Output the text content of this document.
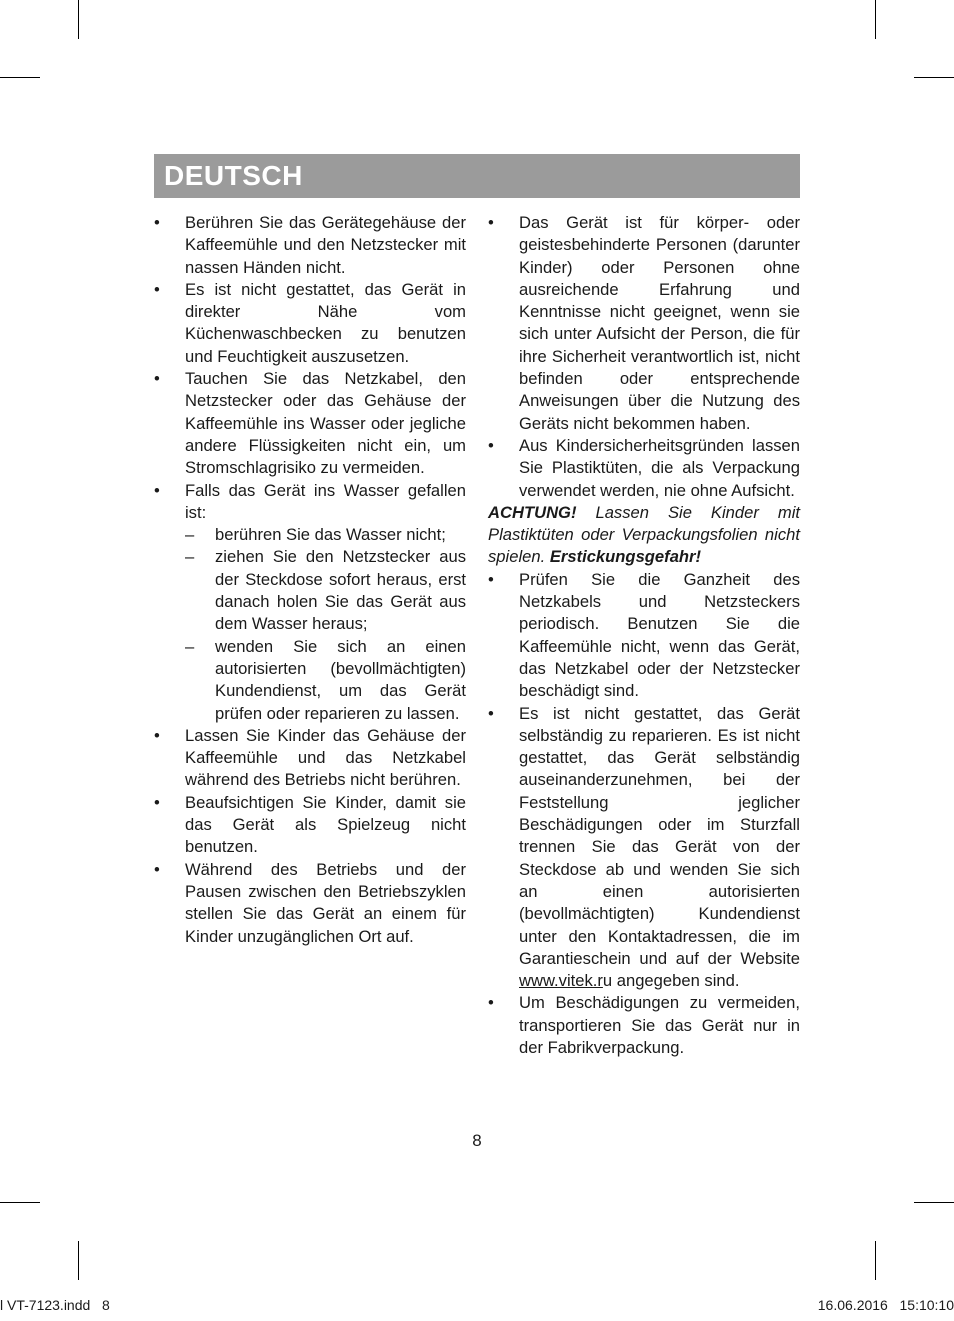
DEUTSCH
• Berühren Sie das Gerätegehäuse der Kaffeemühle und den Netzstecker mit nassen Händen nicht.
• Es ist nicht gestattet, das Gerät in direkter Nähe vom Küchenwaschbecken zu benutzen und Feuchtigkeit auszusetzen.
• Tauchen Sie das Netzkabel, den Netzstecker oder das Gehäuse der Kaffeemühle ins Wasser oder jegliche andere Flüssigkeiten nicht ein, um Stromschlagrisiko zu vermeiden.
• Falls das Gerät ins Wasser gefallen ist:
– berühren Sie das Wasser nicht;
– ziehen Sie den Netzstecker aus der Steckdose sofort heraus, erst danach holen Sie das Gerät aus dem Wasser heraus;
– wenden Sie sich an einen autorisierten (bevollmächtigten) Kundendienst, um das Gerät prüfen oder reparieren zu lassen.
• Lassen Sie Kinder das Gehäuse der Kaffeemühle und das Netzkabel während des Betriebs nicht berühren.
• Beaufsichtigen Sie Kinder, damit sie das Gerät als Spielzeug nicht benutzen.
• Während des Betriebs und der Pausen zwischen den Betriebszyklen stellen Sie das Gerät an einem für Kinder unzugänglichen Ort auf.
• Das Gerät ist für körper- oder geistesbehinderte Personen (darunter Kinder) oder Personen ohne ausreichende Erfahrung und Kenntnisse nicht geeignet, wenn sie sich unter Aufsicht der Person, die für ihre Sicherheit verantwortlich ist, nicht befinden oder entsprechende Anweisungen über die Nutzung des Geräts nicht bekommen haben.
• Aus Kindersicherheitsgründen lassen Sie Plastiktüten, die als Verpackung verwendet werden, nie ohne Aufsicht.
ACHTUNG! Lassen Sie Kinder mit Plastiktüten oder Verpackungsfolien nicht spielen. Erstickungsgefahr!
• Prüfen Sie die Ganzheit des Netzkabels und Netzsteckers periodisch. Benutzen Sie die Kaffeemühle nicht, wenn das Gerät, das Netzkabel oder der Netzstecker beschädigt sind.
• Es ist nicht gestattet, das Gerät selbständig zu reparieren. Es ist nicht gestattet, das Gerät selbständig auseinanderzunehmen, bei der Feststellung jeglicher Beschädigungen oder im Sturzfall trennen Sie das Gerät von der Steckdose ab und wenden Sie sich an einen autorisierten (bevollmächtigten) Kundendienst unter den Kontaktadressen, die im Garantieschein und auf der Website www.vitek.ru angegeben sind.
• Um Beschädigungen zu vermeiden, transportieren Sie das Gerät nur in der Fabrikverpackung.
8
l VT-7123.indd   8	16.06.2016   15:10:10
